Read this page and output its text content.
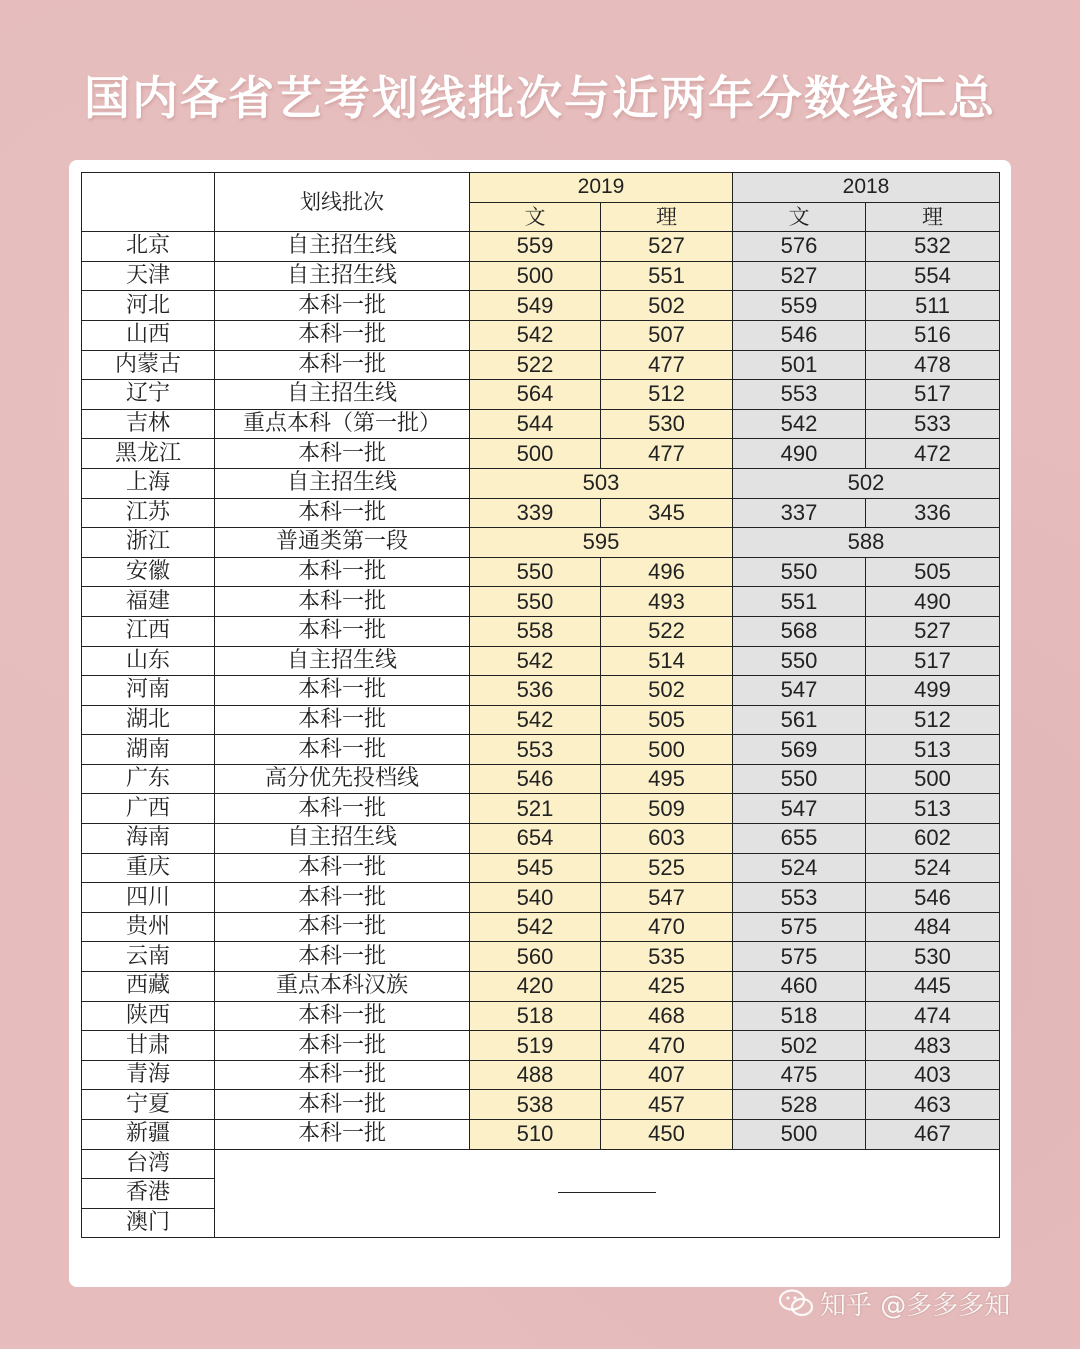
国内各省艺考划线批次与近两年分数线汇总
	划线批次	2019		2018	
		文	理	文	理
北京	自主招生线	559	527	576	532
天津	自主招生线	500	551	527	554
河北	本科一批	549	502	559	511
山西	本科一批	542	507	546	516
内蒙古	本科一批	522	477	501	478
辽宁	自主招生线	564	512	553	517
吉林	重点本科（第一批）	544	530	542	533
黑龙江	本科一批	500	477	490	472
上海	自主招生线	503		502	
江苏	本科一批	339	345	337	336
浙江	普通类第一段	595		588	
安徽	本科一批	550	496	550	505
福建	本科一批	550	493	551	490
江西	本科一批	558	522	568	527
山东	自主招生线	542	514	550	517
河南	本科一批	536	502	547	499
湖北	本科一批	542	505	561	512
湖南	本科一批	553	500	569	513
广东	高分优先投档线	546	495	550	500
广西	本科一批	521	509	547	513
海南	自主招生线	654	603	655	602
重庆	本科一批	545	525	524	524
四川	本科一批	540	547	553	546
贵州	本科一批	542	470	575	484
云南	本科一批	560	535	575	530
西藏	重点本科汉族	420	425	460	445
陕西	本科一批	518	468	518	474
甘肃	本科一批	519	470	502	483
青海	本科一批	488	407	475	403
宁夏	本科一批	538	457	528	463
新疆	本科一批	510	450	500	467
台湾					

香港					
澳门					
知乎 @多多多知
